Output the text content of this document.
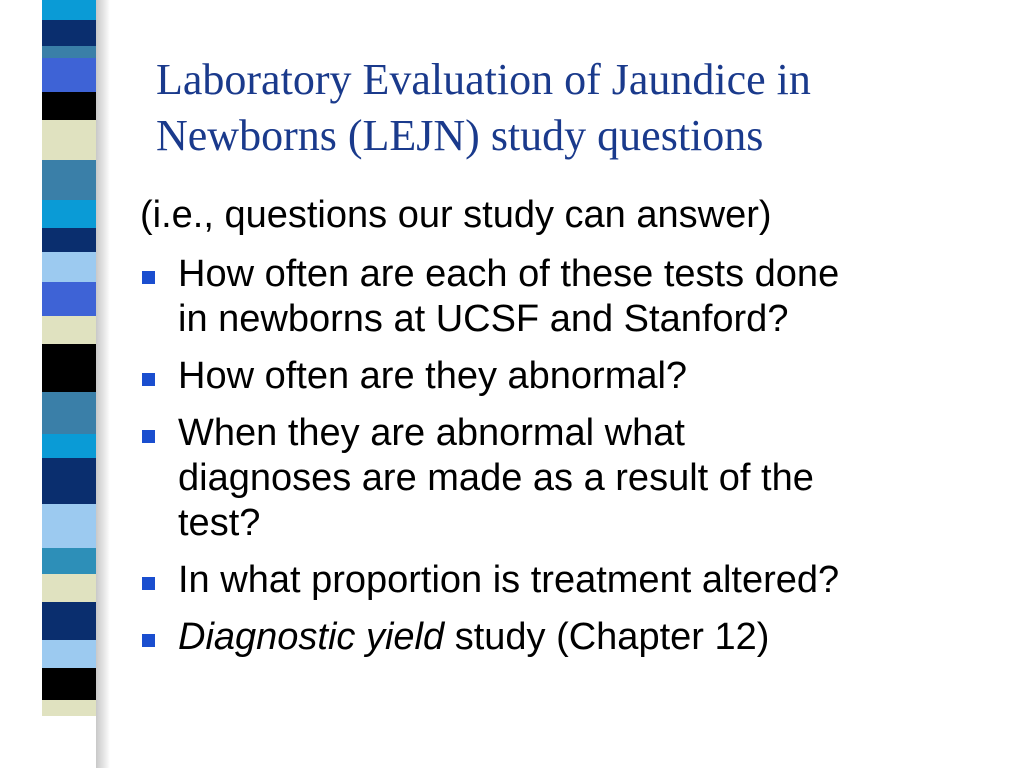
Laboratory Evaluation of Jaundice in
Newborns (LEJN) study questions

(i.e., questions our study can answer)

How often are each of these tests done
in newborns at UCSF and Stanford?
How often are they abnormal?
When they are abnormal what
diagnoses are made as a result of the
test?
In what proportion is treatment altered?
Diagnostic yield study (Chapter 12)
